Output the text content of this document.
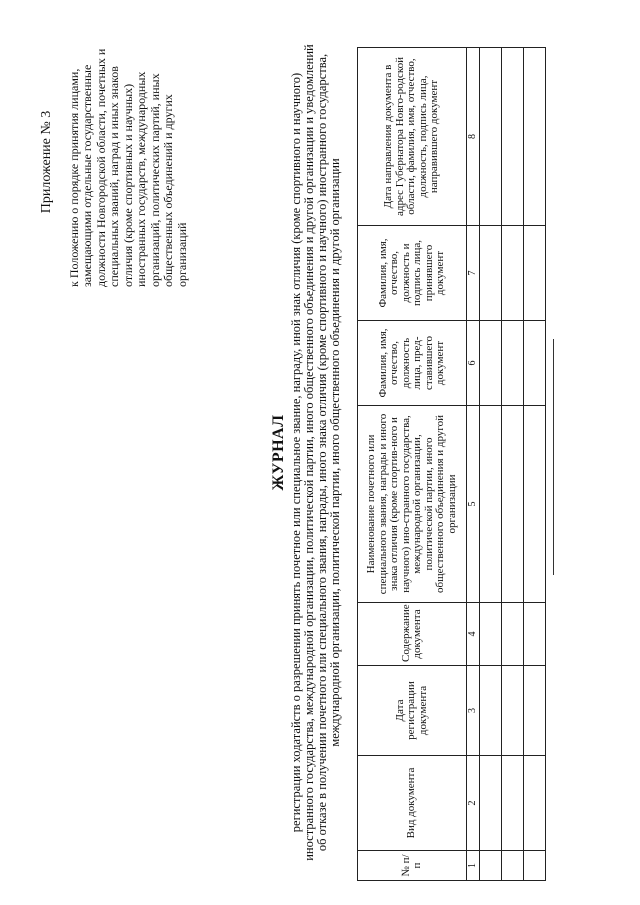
Приложение № 3 к Положению о порядке принятия лицами, замещающими отдельные государственные должности Новгородской области, почетных и специальных званий, наград и иных знаков отличия (кроме спортивных и научных) иностранных государств, международных организаций, политических партий, иных общественных объединений и других организаций
ЖУРНАЛ регистрации ходатайств о разрешении принять почетное или специальное звание, награду, иной знак отличия (кроме спортивного и научного) иностранного государства, международной организации, политической партии, иного общественного объединения и другой организации и уведомлений об отказе в получении почетного или специального звания, награды, иного знака отличия (кроме спортивного и научного) иностранного государства, международной организации, политической партии, иного общественного объединения и другой организации
№ п/п	Вид документа	Дата регистрации документа	Содержание документа	Наименование почетного или специального звания, награды и иного знака отличия (кроме спортив-ного и научного) ино-странного государства, международной организации, политической партии, иного общественного объединения и другой организации	Фамилия, имя, отчество, должность лица, пред-ставившего документ	Фамилия, имя, отчество, должность и подпись лица, принявшего документ	Дата направления документа в адрес Губернатора Новго-родской области, фамилия, имя, отчество, должность, подпись лица, направившего документ
1	2	3	4	5	6	7	8
